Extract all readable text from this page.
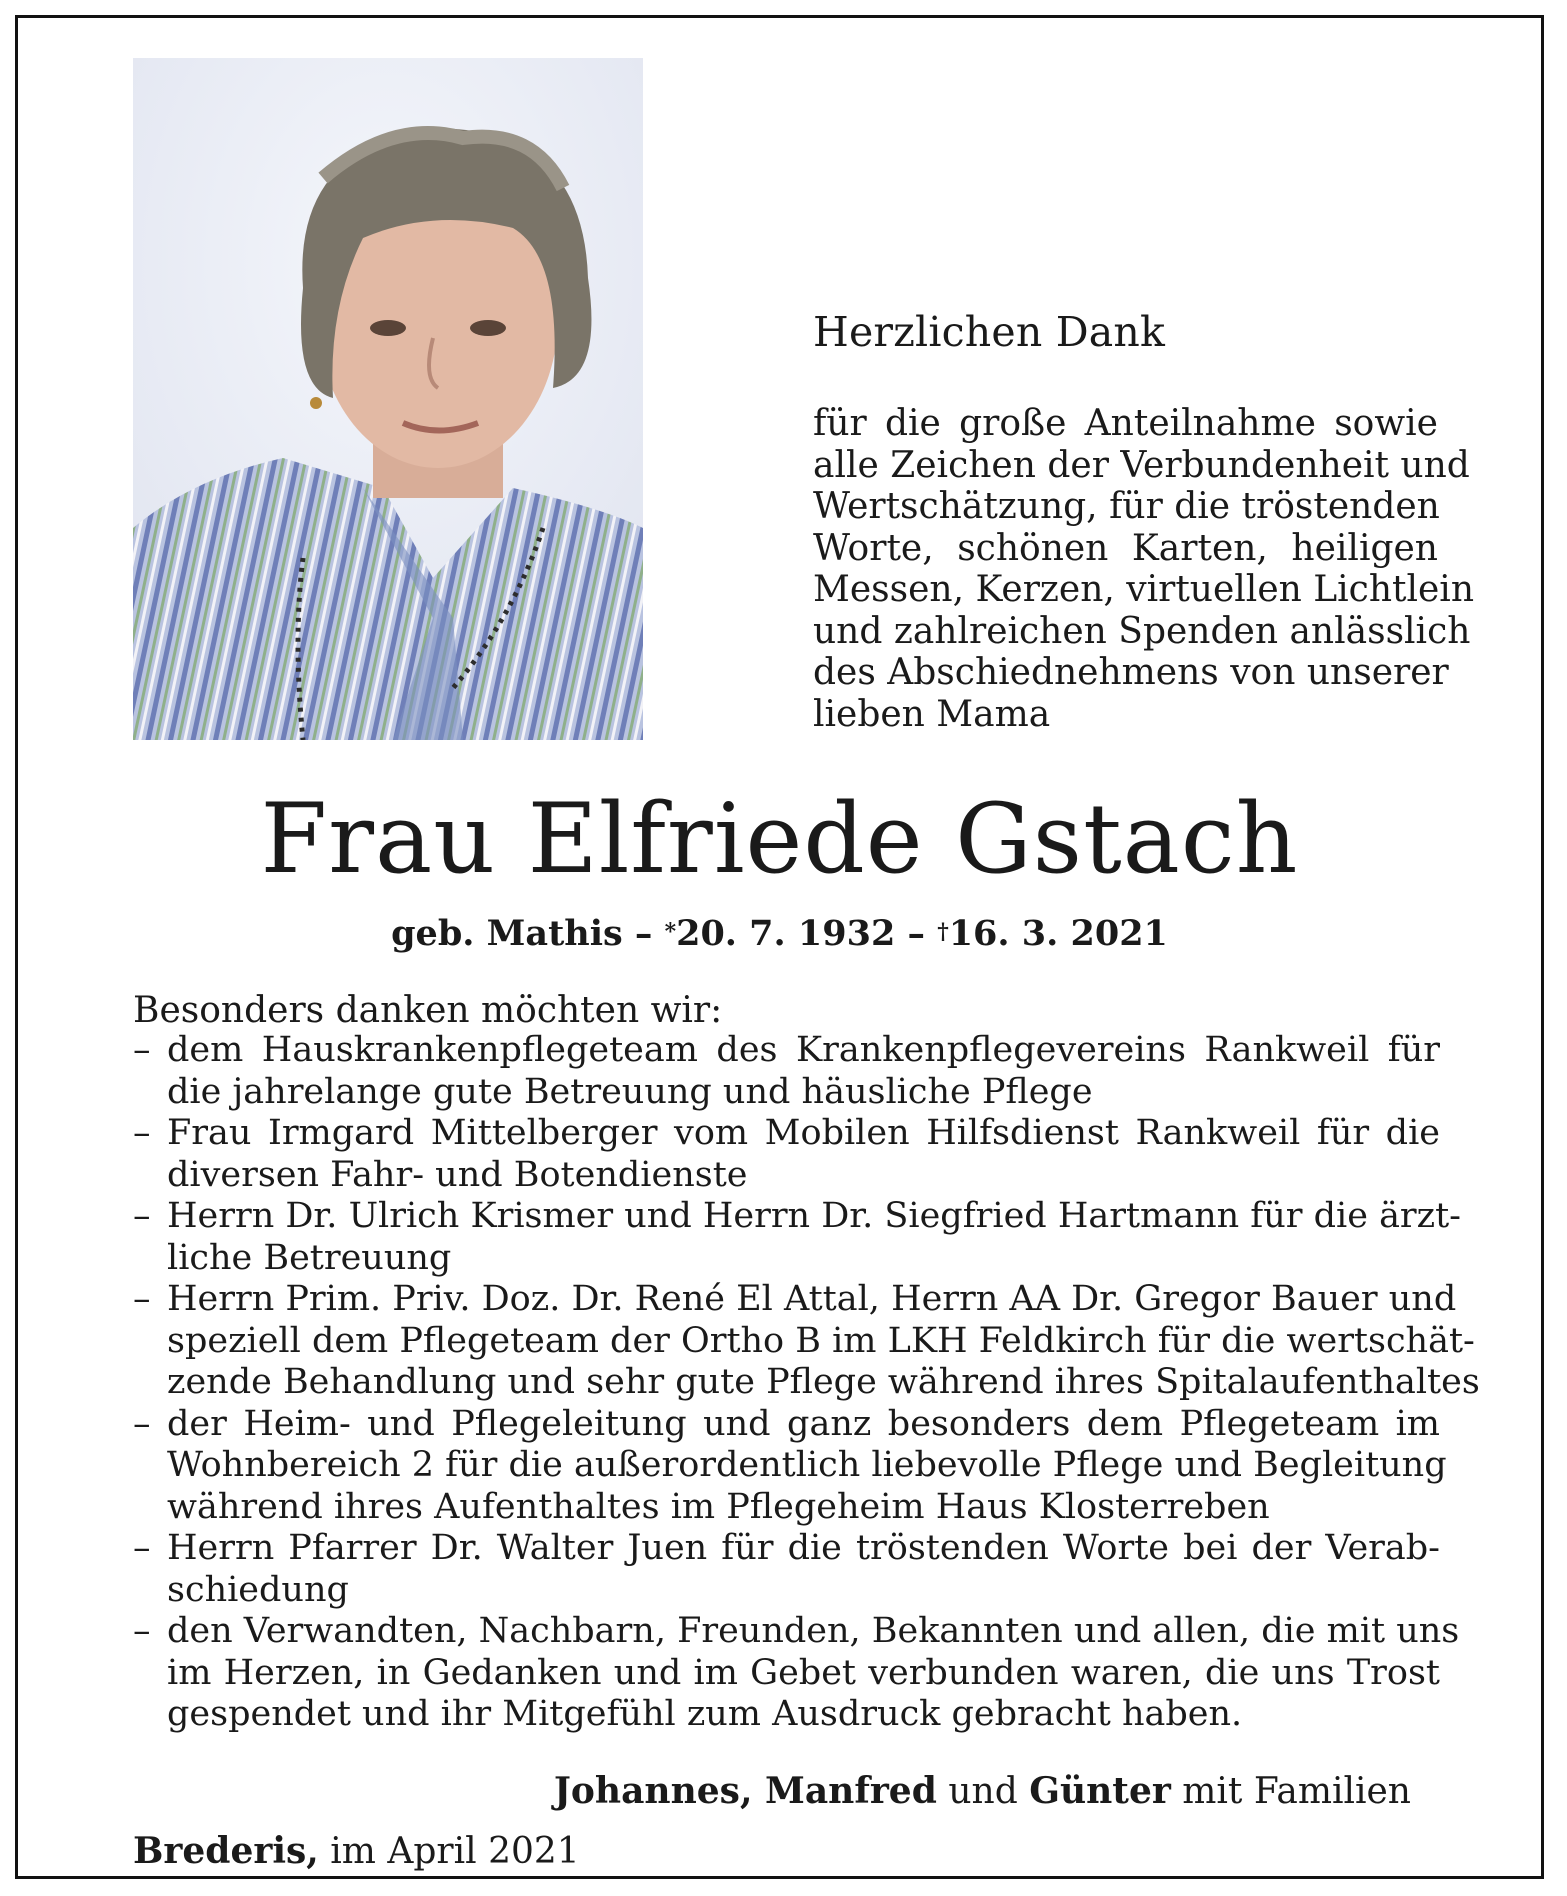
Herzlichen Dank
für die große Anteilnahme sowie
alle Zeichen der Verbundenheit und
Wertschätzung, für die tröstenden
Worte, schönen Karten, heiligen
Messen, Kerzen, virtuellen Lichtlein
und zahlreichen Spenden anlässlich
des Abschiednehmens von unserer
lieben Mama
Frau Elfriede Gstach
geb. Mathis – *20. 7. 1932 – †16. 3. 2021
Besonders danken möchten wir:
– dem Hauskrankenpflegeteam des Krankenpflegevereins Rankweil für
die jahrelange gute Betreuung und häusliche Pflege
– Frau Irmgard Mittelberger vom Mobilen Hilfsdienst Rankweil für die
diversen Fahr- und Botendienste
– Herrn Dr. Ulrich Krismer und Herrn Dr. Siegfried Hartmann für die ärzt-
liche Betreuung
– Herrn Prim. Priv. Doz. Dr. René El Attal, Herrn AA Dr. Gregor Bauer und
speziell dem Pflegeteam der Ortho B im LKH Feldkirch für die wertschät-
zende Behandlung und sehr gute Pflege während ihres Spitalaufenthaltes
– der Heim- und Pflegeleitung und ganz besonders dem Pflegeteam im
Wohnbereich 2 für die außerordentlich liebevolle Pflege und Begleitung
während ihres Aufenthaltes im Pflegeheim Haus Klosterreben
– Herrn Pfarrer Dr. Walter Juen für die tröstenden Worte bei der Verab-
schiedung
– den Verwandten, Nachbarn, Freunden, Bekannten und allen, die mit uns
im Herzen, in Gedanken und im Gebet verbunden waren, die uns Trost
gespendet und ihr Mitgefühl zum Ausdruck gebracht haben.
Johannes, Manfred und Günter mit Familien
Brederis, im April 2021
